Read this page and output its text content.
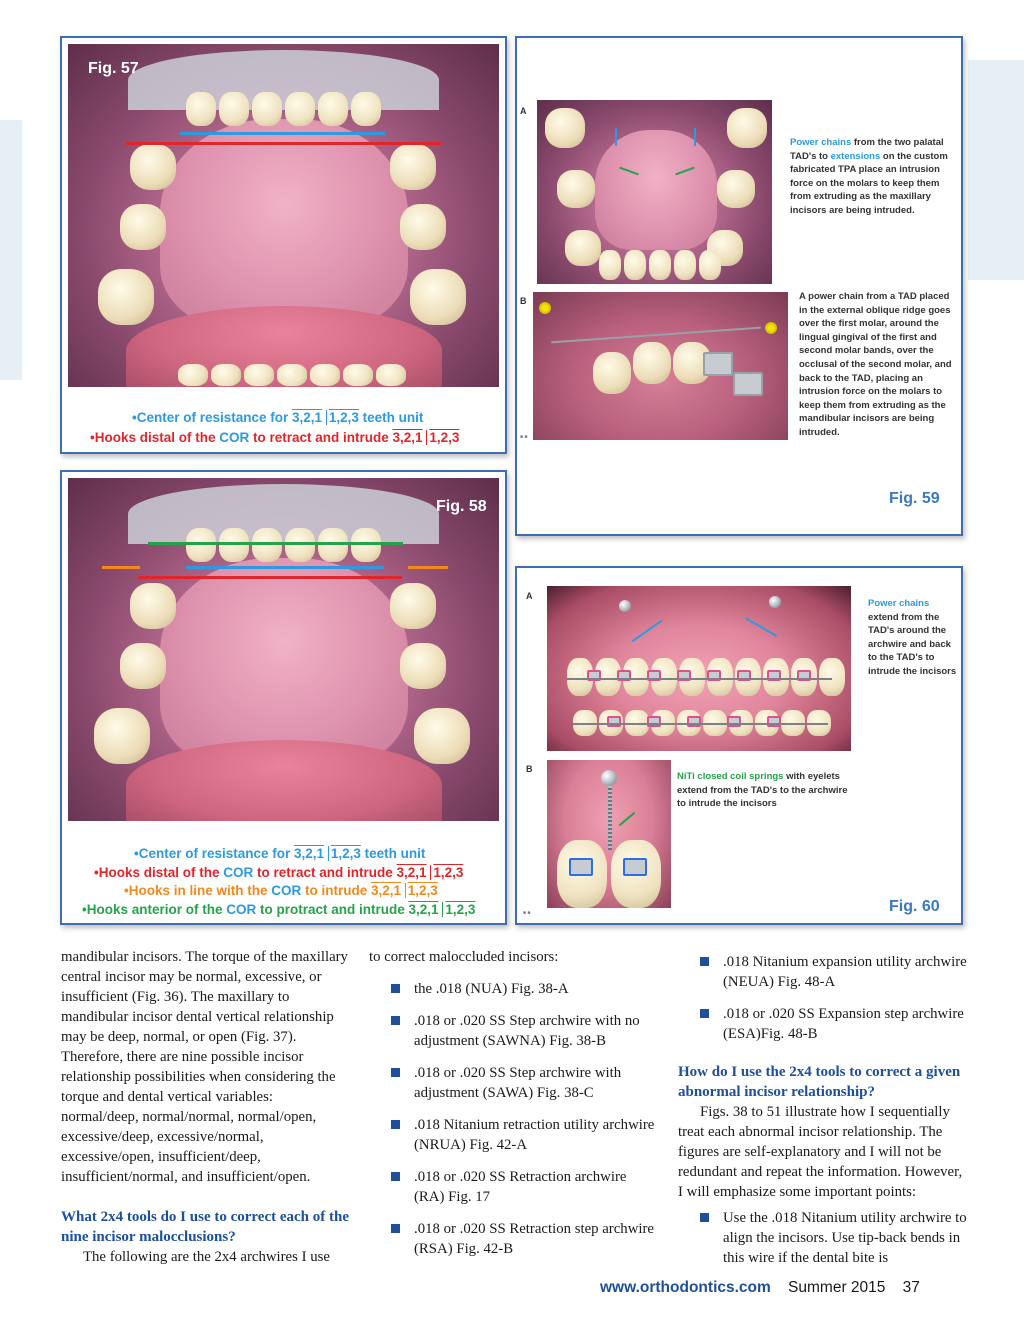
Fig. 57
•Center of resistance for 3,2,1 1,2,3 teeth unit
•Hooks distal of the COR to retract and intrude 3,2,1 1,2,3
Fig. 58
•Center of resistance for 3,2,1 1,2,3 teeth unit
•Hooks distal of the COR to retract and intrude 3,2,1 1,2,3
•Hooks in line with the COR to intrude 3,2,1 1,2,3
•Hooks anterior of the COR to protract and intrude 3,2,1 1,2,3
A
Power chains from the two palatal TAD's to extensions on the custom fabricated TPA place an intrusion force on the molars to keep them from extruding as the maxillary incisors are being intruded.
B	A power chain from a TAD placed in the external oblique ridge goes over the first molar, around the lingual gingival of the first and second molar bands, over the occlusal of the second molar, and back to the TAD, placing an intrusion force on the molars to keep them from extruding as the mandibular incisors are being intruded.
■ ■
Fig. 59
A
Power chains extend from the TAD's around the archwire and back to the TAD's to intrude the incisors
B
NiTi closed coil springs with eyelets extend from the TAD's to the archwire to intrude the incisors
■ ■	Fig. 60

mandibular incisors. The torque of the maxillary central incisor may be normal, excessive, or insufficient (Fig. 36). The maxillary to mandibular incisor dental vertical relationship may be deep, normal, or open (Fig. 37). Therefore, there are nine possible incisor relationship possibilities when considering the torque and dental vertical variables: normal/deep, normal/normal, normal/open, excessive/deep, excessive/normal, excessive/open, insufficient/deep, insufficient/normal, and insufficient/open.

What 2x4 tools do I use to correct each of the nine incisor malocclusions?

The following are the 2x4 archwires I use

to correct maloccluded incisors:

the .018 (NUA) Fig. 38-A

.018 or .020 SS Step archwire with no adjustment (SAWNA) Fig. 38-B

.018 or .020 SS Step archwire with adjustment (SAWA) Fig. 38-C

.018 Nitanium retraction utility archwire (NRUA) Fig. 42-A

.018 or .020 SS Retraction archwire (RA) Fig. 17

.018 or .020 SS Retraction step archwire (RSA) Fig. 42-B

.018 Nitanium expansion utility archwire (NEUA) Fig. 48-A

.018 or .020 SS Expansion step archwire (ESA)Fig. 48-B

How do I use the 2x4 tools to correct a given abnormal incisor relationship?

Figs. 38 to 51 illustrate how I sequentially treat each abnormal incisor relationship. The figures are self-explanatory and I will not be redundant and repeat the information. However, I will emphasize some important points:

Use the .018 Nitanium utility archwire to align the incisors. Use tip-back bends in this wire if the dental bite is

www.orthodontics.com Summer 2015 37
